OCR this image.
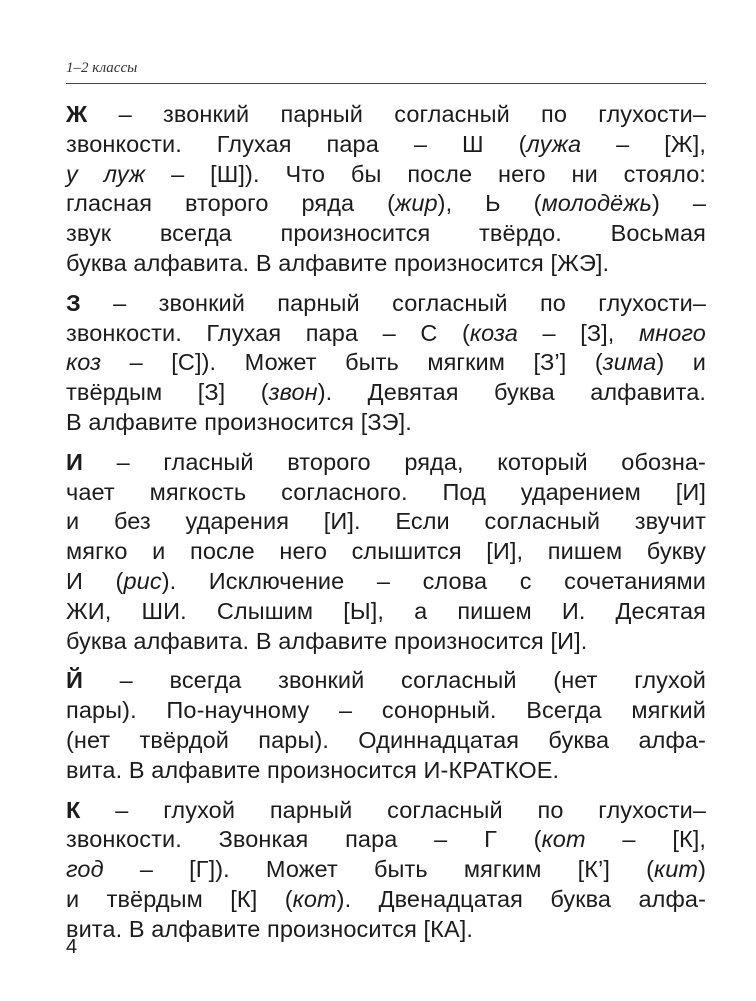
1–2 классы
Ж – звонкий парный согласный по глухости–
звонкости. Глухая пара – Ш (лужа – [Ж],
у луж – [Ш]). Что бы после него ни стояло:
гласная второго ряда (жир), Ь (молодёжь) –
звук всегда произносится твёрдо. Восьмая
буква алфавита. В алфавите произносится [ЖЭ].
З – звонкий парный согласный по глухости–
звонкости. Глухая пара – С (коза – [З], много
коз – [С]). Может быть мягким [З’] (зима) и
твёрдым [З] (звон). Девятая буква алфавита.
В алфавите произносится [ЗЭ].
И – гласный второго ряда, который обозна-
чает мягкость согласного. Под ударением [И]
и без ударения [И]. Если согласный звучит
мягко и после него слышится [И], пишем букву
И (рис). Исключение – слова с сочетаниями
ЖИ, ШИ. Слышим [Ы], а пишем И. Десятая
буква алфавита. В алфавите произносится [И].
Й – всегда звонкий согласный (нет глухой
пары). По-научному – сонорный. Всегда мягкий
(нет твёрдой пары). Одиннадцатая буква алфа-
вита. В алфавите произносится И-КРАТКОЕ.
К – глухой парный согласный по глухости–
звонкости. Звонкая пара – Г (кот – [К],
год – [Г]). Может быть мягким [К’] (кит)
и твёрдым [К] (кот). Двенадцатая буква алфа-
вита. В алфавите произносится [КА].
4
